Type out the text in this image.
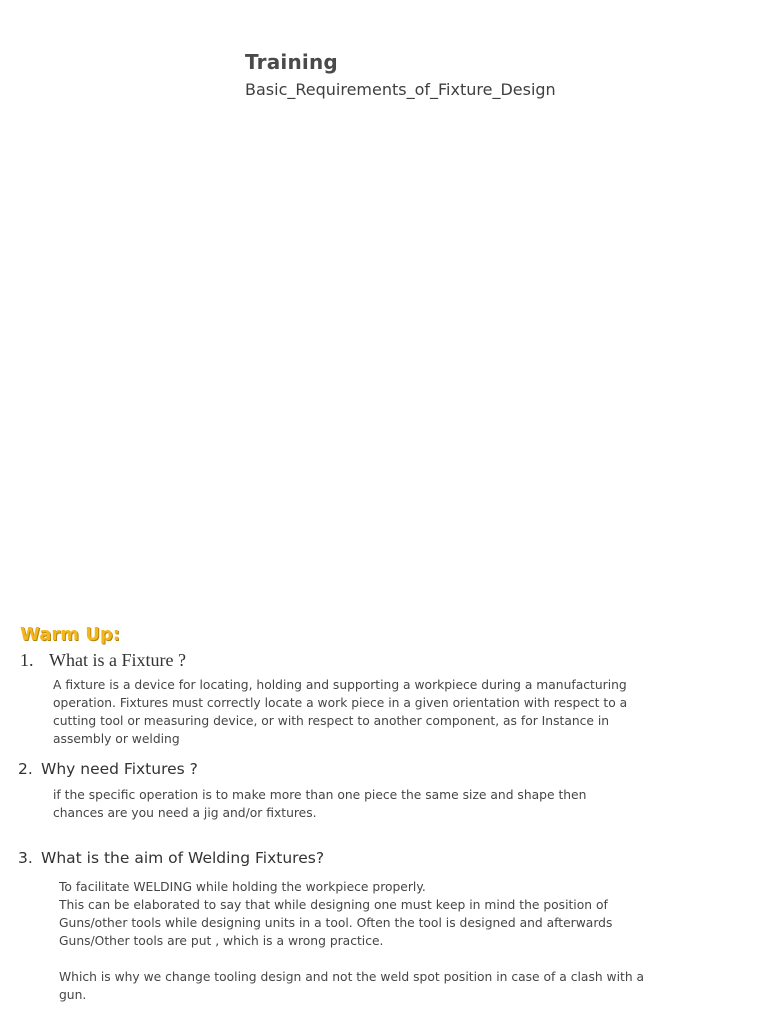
Training
Basic_Requirements_of_Fixture_Design
Warm Up:
1. What is a Fixture ?
A fixture is a device for locating, holding and supporting a workpiece during a manufacturing operation. Fixtures must correctly locate a work piece in a given orientation with respect to a cutting tool or measuring device, or with respect to another component, as for Instance in assembly or welding
2. Why need Fixtures ?
if the specific operation is to make more than one piece the same size and shape then chances are you need a jig and/or fixtures.
3. What is the aim of Welding Fixtures?

To facilitate WELDING while holding the workpiece properly.

This can be elaborated to say that while designing one must keep in mind the position of Guns/other tools while designing units in a tool. Often the tool is designed and afterwards Guns/Other tools are put , which is a wrong practice.

Which is why we change tooling design and not the weld spot position in case of a clash with a gun.
